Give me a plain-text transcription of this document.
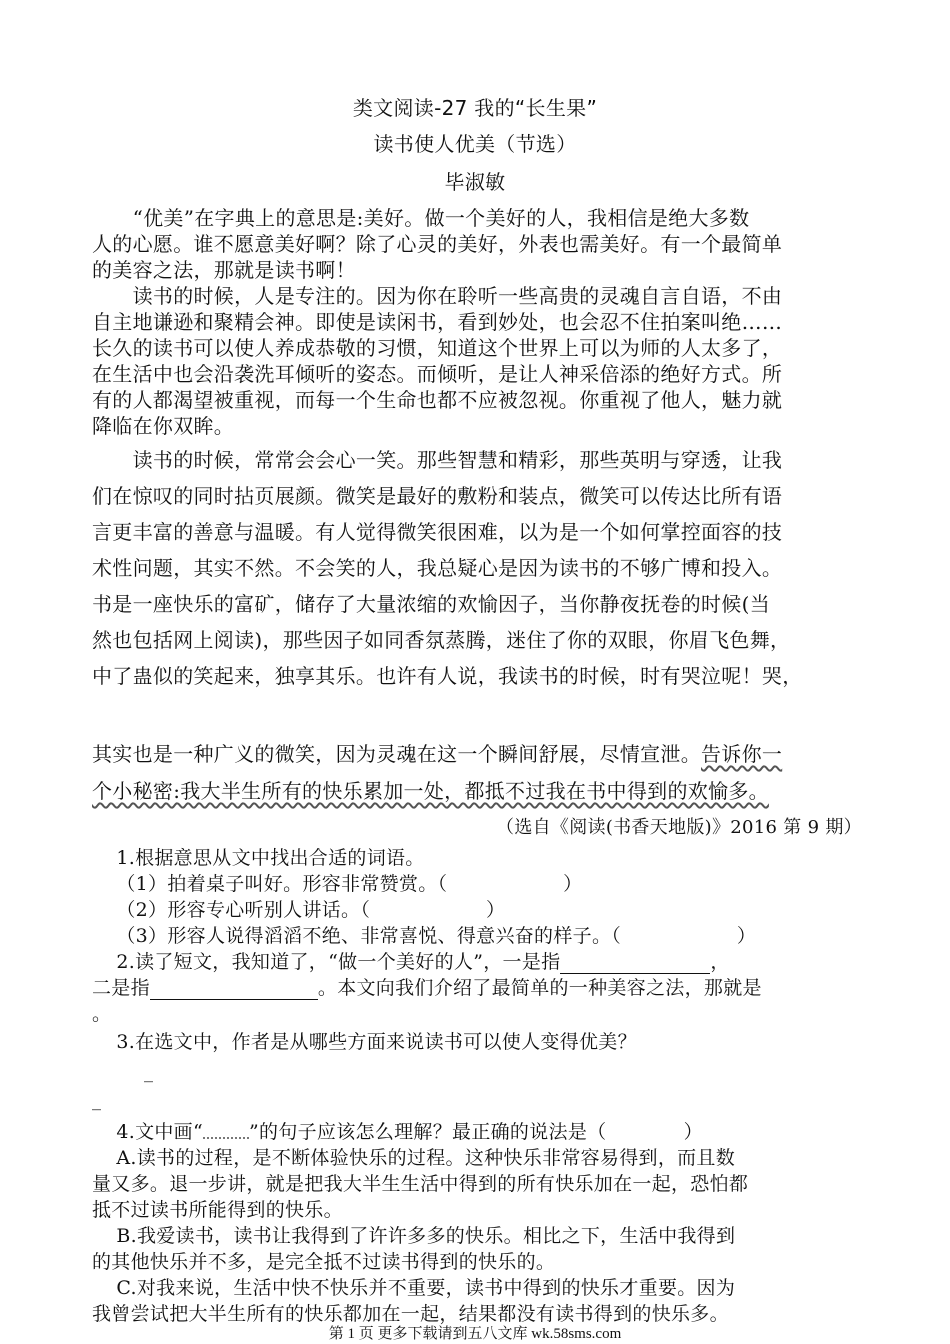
类文阅读-27 我的“长生果”
读书使人优美（节选）
毕淑敏
　　“优美”在字典上的意思是:美好。做一个美好的人，我相信是绝大多数
人的心愿。谁不愿意美好啊？除了心灵的美好，外表也需美好。有一个最简单
的美容之法，那就是读书啊！
　　读书的时候，人是专注的。因为你在聆听一些高贵的灵魂自言自语，不由
自主地谦逊和聚精会神。即使是读闲书，看到妙处，也会忍不住拍案叫绝……
长久的读书可以使人养成恭敬的习惯，知道这个世界上可以为师的人太多了，
在生活中也会沿袭洗耳倾听的姿态。而倾听，是让人神采倍添的绝好方式。所
有的人都渴望被重视，而每一个生命也都不应被忽视。你重视了他人，魅力就
降临在你双眸。
　　读书的时候，常常会会心一笑。那些智慧和精彩，那些英明与穿透，让我
们在惊叹的同时拈页展颜。微笑是最好的敷粉和装点，微笑可以传达比所有语
言更丰富的善意与温暖。有人觉得微笑很困难，以为是一个如何掌控面容的技
术性问题，其实不然。不会笑的人，我总疑心是因为读书的不够广博和投入。
书是一座快乐的富矿，储存了大量浓缩的欢愉因子，当你静夜抚卷的时候(当
然也包括网上阅读)，那些因子如同香氛蒸腾，迷住了你的双眼，你眉飞色舞，
中了蛊似的笑起来，独享其乐。也许有人说，我读书的时候，时有哭泣呢！哭，
其实也是一种广义的微笑，因为灵魂在这一个瞬间舒展，尽情宣泄。告诉你一
个小秘密:我大半生所有的快乐累加一处，都抵不过我在书中得到的欢愉多。
（选自《阅读(书香天地版)》2016 第 9 期）
　 1.根据意思从文中找出合适的词语。
　 （1）拍着桌子叫好。形容非常赞赏。（　　　　　　）
　 （2）形容专心听别人讲话。（　　　　　　）
　 （3）形容人说得滔滔不绝、非常喜悦、得意兴奋的样子。（　　　　　　）
　 2.读了短文，我知道了，“做一个美好的人”，一是指	，
二是指	。本文向我们介绍了最简单的一种美容之法，那就是
。
　 3.在选文中，作者是从哪些方面来说读书可以使人变得优美？
_
_
　 4.文中画“ ”的句子应该怎么理解？最正确的说法是（　　　　）
　 A.读书的过程，是不断体验快乐的过程。这种快乐非常容易得到，而且数
量又多。退一步讲，就是把我大半生生活中得到的所有快乐加在一起，恐怕都
抵不过读书所能得到的快乐。
　 B.我爱读书，读书让我得到了许许多多的快乐。相比之下，生活中我得到
的其他快乐并不多，是完全抵不过读书得到的快乐的。
　 C.对我来说，生活中快不快乐并不重要，读书中得到的快乐才重要。因为
我曾尝试把大半生所有的快乐都加在一起，结果都没有读书得到的快乐多。
第 1 页 更多下载请到五八文库 wk.58sms.com
